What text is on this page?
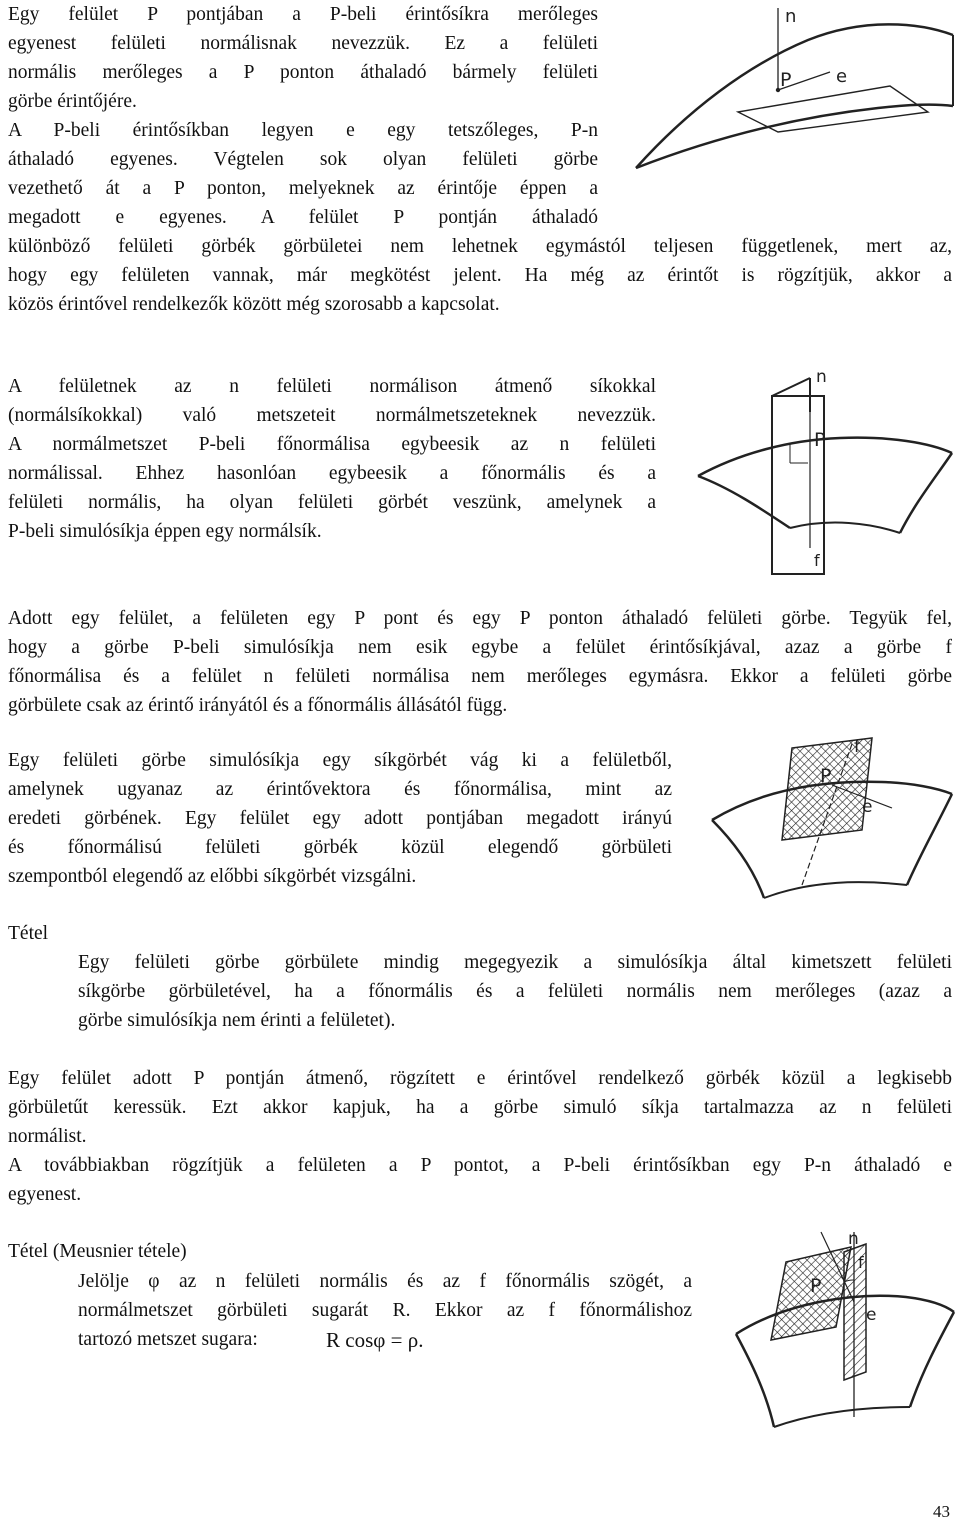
Egy felület P pontjában a P-beli érintősíkra merőleges
egyenest felületi normálisnak nevezzük. Ez a felületi
normális merőleges a P ponton áthaladó bármely felületi
görbe érintőjére.
A P-beli érintősíkban legyen e egy tetszőleges, P-n
áthaladó egyenes. Végtelen sok olyan felületi görbe
vezethető át a P ponton, melyeknek az érintője éppen a
megadott e egyenes. A felület P pontján áthaladó
különböző felületi görbék görbületei nem lehetnek egymástól teljesen függetlenek, mert az,
hogy egy felületen vannak, már megkötést jelent. Ha még az érintőt is rögzítjük, akkor a
közös érintővel rendelkezők között még szorosabb a kapcsolat.
n
P e
A felületnek az n felületi normálison átmenő síkokkal
(normálsíkokkal) való metszeteit normálmetszeteknek nevezzük.
A normálmetszet P-beli főnormálisa egybeesik az n felületi
normálissal. Ehhez hasonlóan egybeesik a főnormális és a
felületi normális, ha olyan felületi görbét veszünk, amelynek a
P-beli simulósíkja éppen egy normálsík.
n
P
f
Adott egy felület, a felületen egy P pont és egy P ponton áthaladó felületi görbe. Tegyük fel,
hogy a görbe P-beli simulósíkja nem esik egybe a felület érintősíkjával, azaz a görbe f
főnormálisa és a felület n felületi normálisa nem merőleges egymásra. Ekkor a felületi görbe
görbülete csak az érintő irányától és a főnormális állásától függ.
Egy felületi görbe simulósíkja egy síkgörbét vág ki a felületből,
amelynek ugyanaz az érintővektora és főnormálisa, mint az
eredeti görbének. Egy felület egy adott pontjában megadott irányú
és főnormálisú felületi görbék közül elegendő görbületi
szempontból elegendő az előbbi síkgörbét vizsgálni.
f
P
e
Tétel
Egy felületi görbe görbülete mindig megegyezik a simulósíkja által kimetszett felületi
síkgörbe görbületével, ha a főnormális és a felületi normális nem merőleges (azaz a
görbe simulósíkja nem érinti a felületet).
Egy felület adott P pontján átmenő, rögzített e érintővel rendelkező görbék közül a legkisebb
görbületűt keressük. Ezt akkor kapjuk, ha a görbe simuló síkja tartalmazza az n felületi
normálist.
A továbbiakban rögzítjük a felületen a P pontot, a P-beli érintősíkban egy P-n áthaladó e
egyenest.
Tétel (Meusnier tétele)
Jelölje φ az n felületi normális és az f főnormális szögét, a
normálmetszet görbületi sugarát R. Ekkor az f főnormálishoz
tartozó metszet sugara:	R cosφ = ρ.
n
f
P
e
43
